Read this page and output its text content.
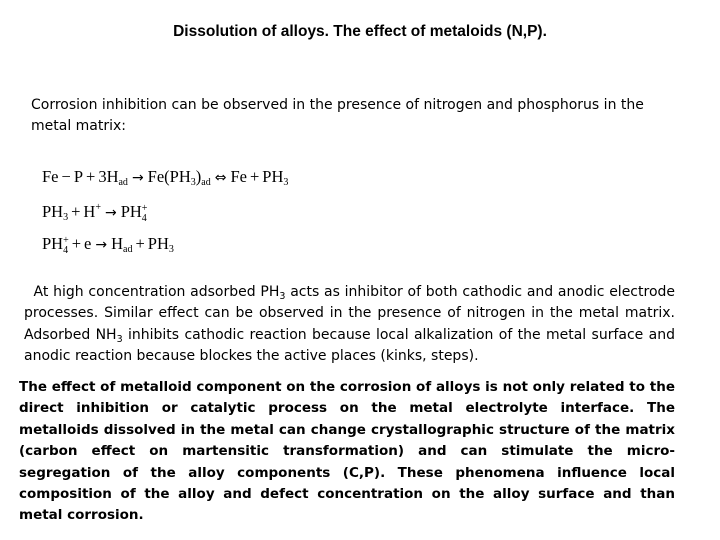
Dissolution of alloys. The effect of metaloids (N,P).
Corrosion inhibition can be observed in the presence of nitrogen and phosphorus in the metal matrix:
$Fe - P + 3H_{ad} \to Fe(PH_3)_{ad}$ ⇔ $Fe + PH_3$
$PH_3 + H^+$ → PH +
4
PH +
$4 + e \to H_{ad} + PH_3$
At high concentration adsorbed $PH_3$ acts as inhibitor of both cathodic and anodic electrode processes. Similar effect can be observed in the presence of nitrogen in the metal matrix. Adsorbed $NH_3$ inhibits cathodic reaction because local alkalization of the metal surface and anodic reaction because blockes the active places (kinks, steps).
The effect of metalloid component on the corrosion of alloys is not only related to the direct inhibition or catalytic process on the metal electrolyte interface. The metalloids dissolved in the metal can change crystallographic structure of the matrix (carbon effect on martensitic transformation) and can stimulate the micro-segregation of the alloy components (C,P). These phenomena influence local composition of the alloy and defect concentration on the alloy surface and than metal corrosion.
